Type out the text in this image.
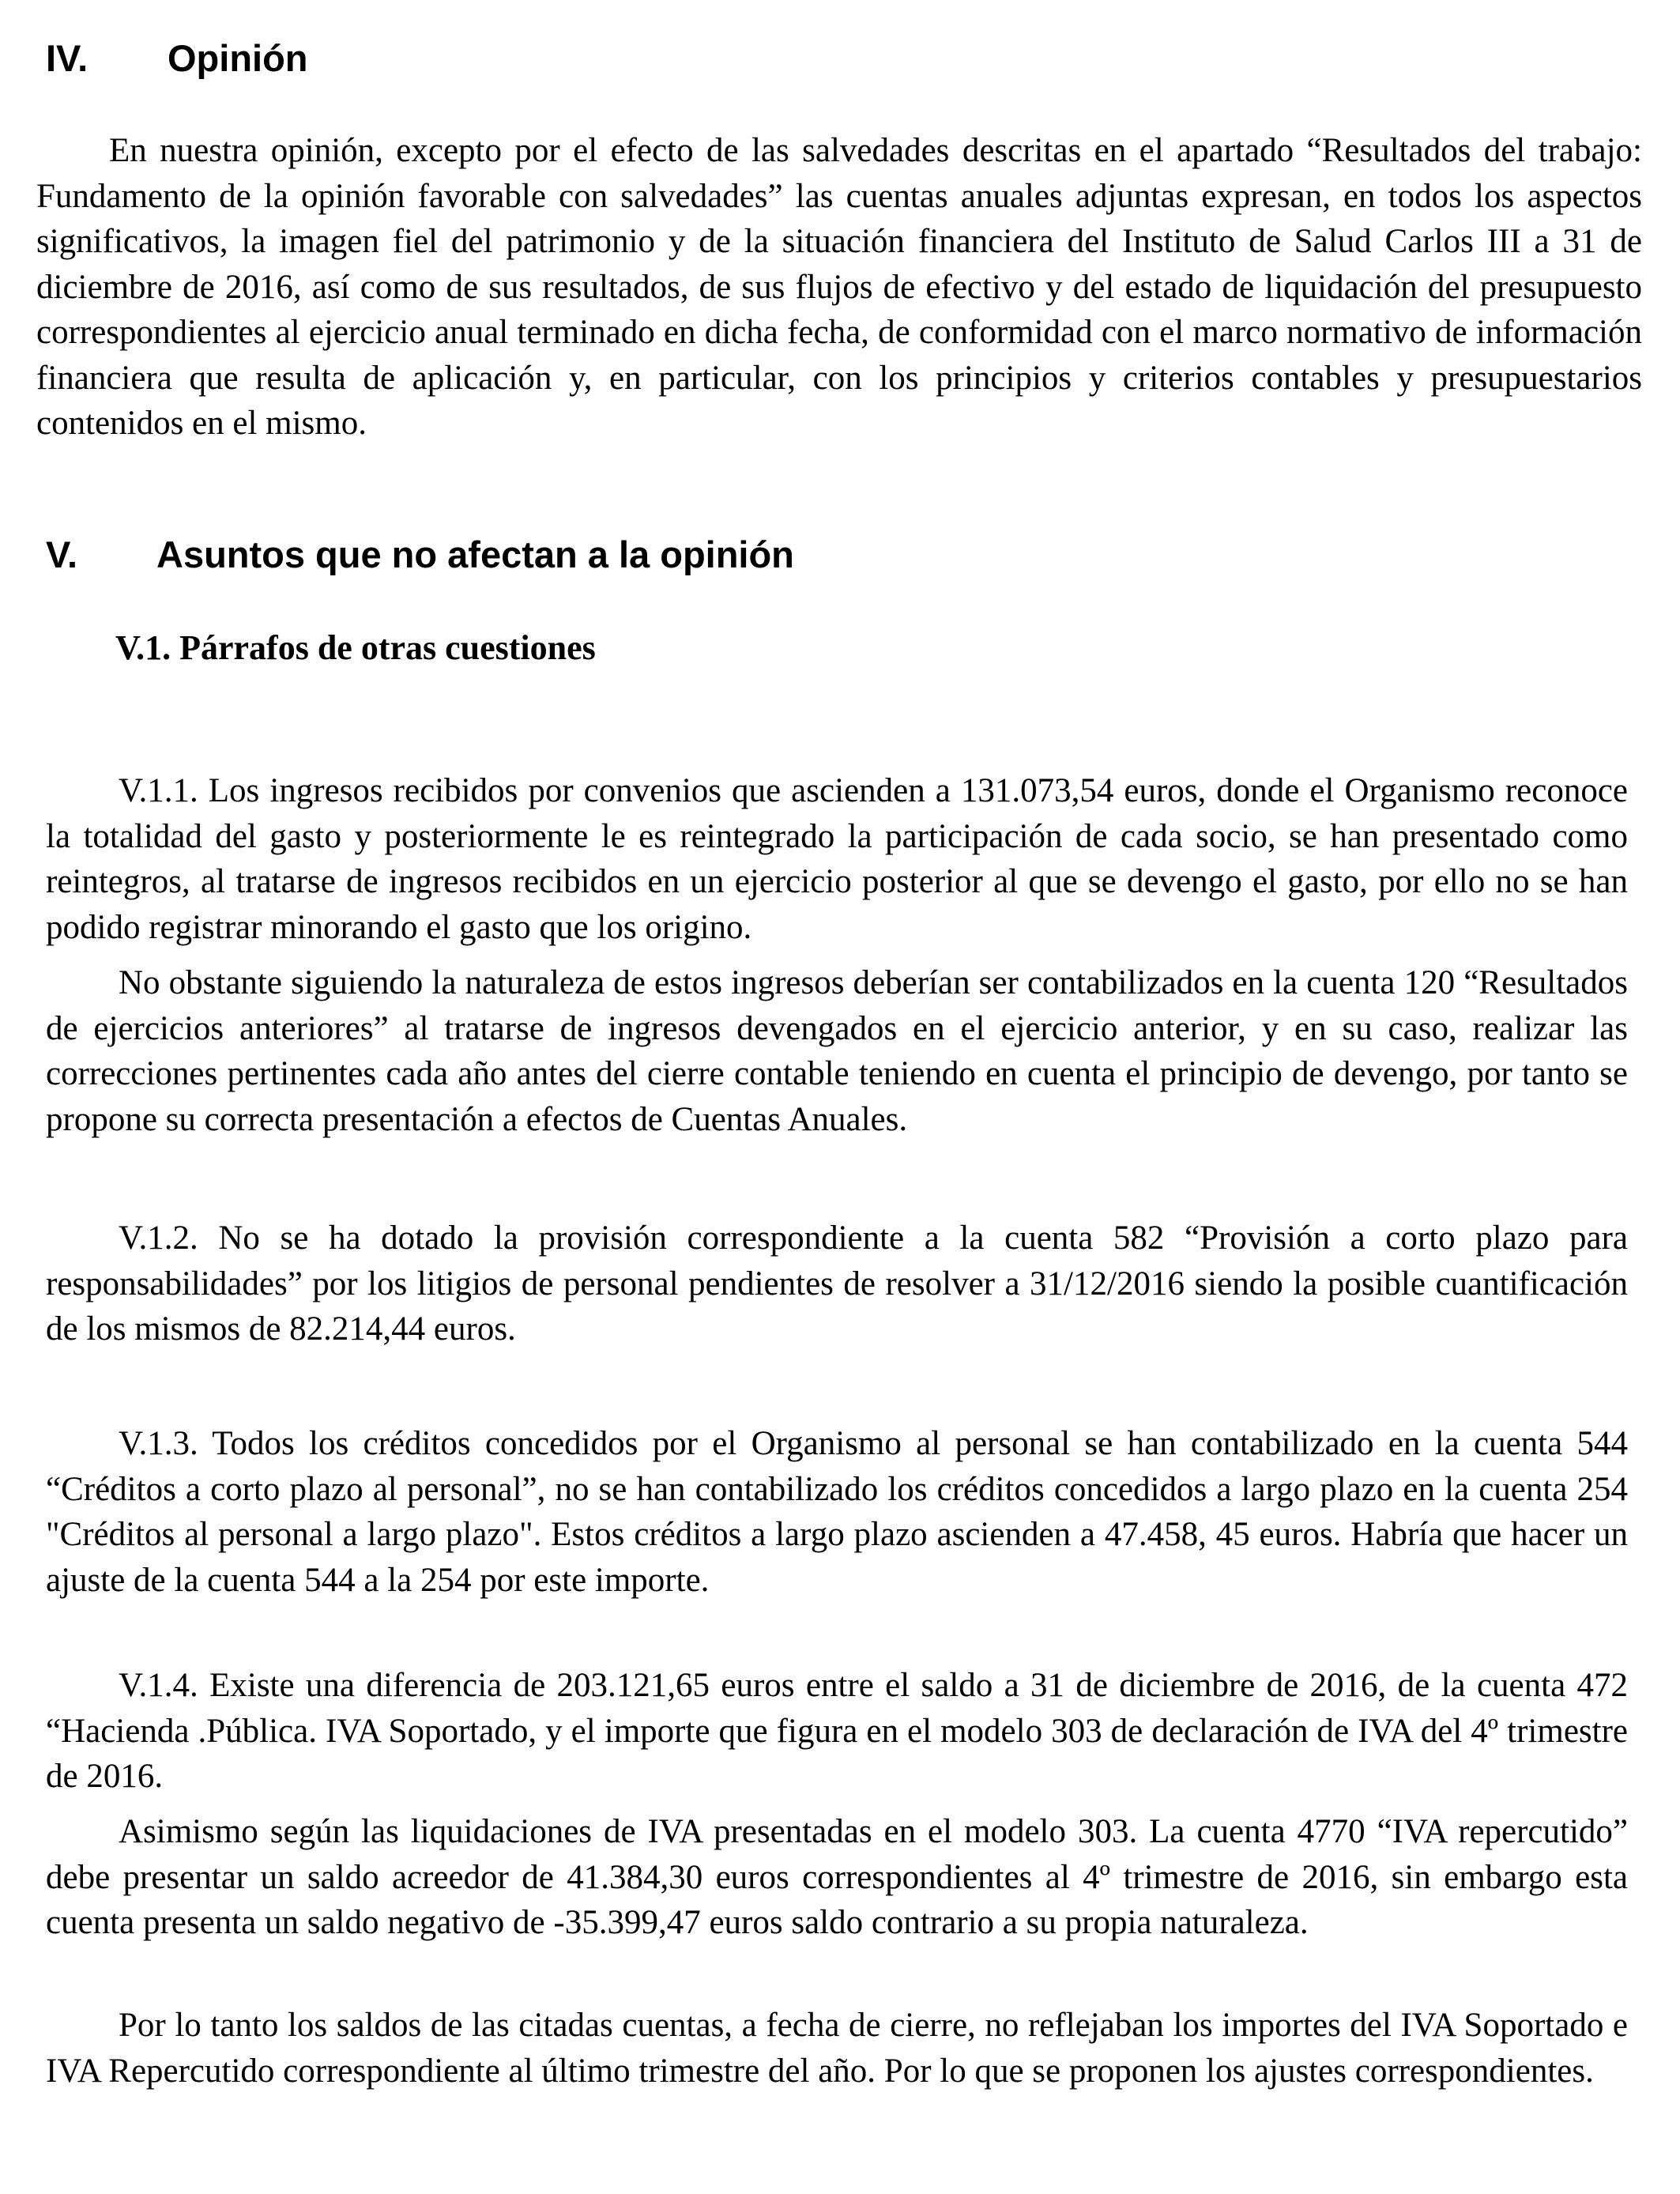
IV. Opinión

En nuestra opinión, excepto por el efecto de las salvedades descritas en el apartado “Resultados del trabajo: Fundamento de la opinión favorable con salvedades” las cuentas anuales adjuntas expresan, en todos los aspectos significativos, la imagen fiel del patrimonio y de la situación financiera del Instituto de Salud Carlos III a 31 de diciembre de 2016, así como de sus resultados, de sus flujos de efectivo y del estado de liquidación del presupuesto correspondientes al ejercicio anual terminado en dicha fecha, de conformidad con el marco normativo de información financiera que resulta de aplicación y, en particular, con los principios y criterios contables y presupuestarios contenidos en el mismo.

V. Asuntos que no afectan a la opinión
V.1. Párrafos de otras cuestiones

V.1.1. Los ingresos recibidos por convenios que ascienden a 131.073,54 euros, donde el Organismo reconoce la totalidad del gasto y posteriormente le es reintegrado la participación de cada socio, se han presentado como reintegros, al tratarse de ingresos recibidos en un ejercicio posterior al que se devengo el gasto, por ello no se han podido registrar minorando el gasto que los origino.

No obstante siguiendo la naturaleza de estos ingresos deberían ser contabilizados en la cuenta 120 “Resultados de ejercicios anteriores” al tratarse de ingresos devengados en el ejercicio anterior, y en su caso, realizar las correcciones pertinentes cada año antes del cierre contable teniendo en cuenta el principio de devengo, por tanto se propone su correcta presentación a efectos de Cuentas Anuales.

V.1.2. No se ha dotado la provisión correspondiente a la cuenta 582 “Provisión a corto plazo para responsabilidades” por los litigios de personal pendientes de resolver a 31/12/2016 siendo la posible cuantificación de los mismos de 82.214,44 euros.

V.1.3. Todos los créditos concedidos por el Organismo al personal se han contabilizado en la cuenta 544 “Créditos a corto plazo al personal”, no se han contabilizado los créditos concedidos a largo plazo en la cuenta 254 "Créditos al personal a largo plazo". Estos créditos a largo plazo ascienden a 47.458, 45 euros. Habría que hacer un ajuste de la cuenta 544 a la 254 por este importe.

V.1.4. Existe una diferencia de 203.121,65 euros entre el saldo a 31 de diciembre de 2016, de la cuenta 472 “Hacienda .Pública. IVA Soportado, y el importe que figura en el modelo 303 de declaración de IVA del 4º trimestre de 2016.

Asimismo según las liquidaciones de IVA presentadas en el modelo 303. La cuenta 4770 “IVA repercutido” debe presentar un saldo acreedor de 41.384,30 euros correspondientes al 4º trimestre de 2016, sin embargo esta cuenta presenta un saldo negativo de -35.399,47 euros saldo contrario a su propia naturaleza.

Por lo tanto los saldos de las citadas cuentas, a fecha de cierre, no reflejaban los importes del IVA Soportado e IVA Repercutido correspondiente al último trimestre del año. Por lo que se proponen los ajustes correspondientes.
